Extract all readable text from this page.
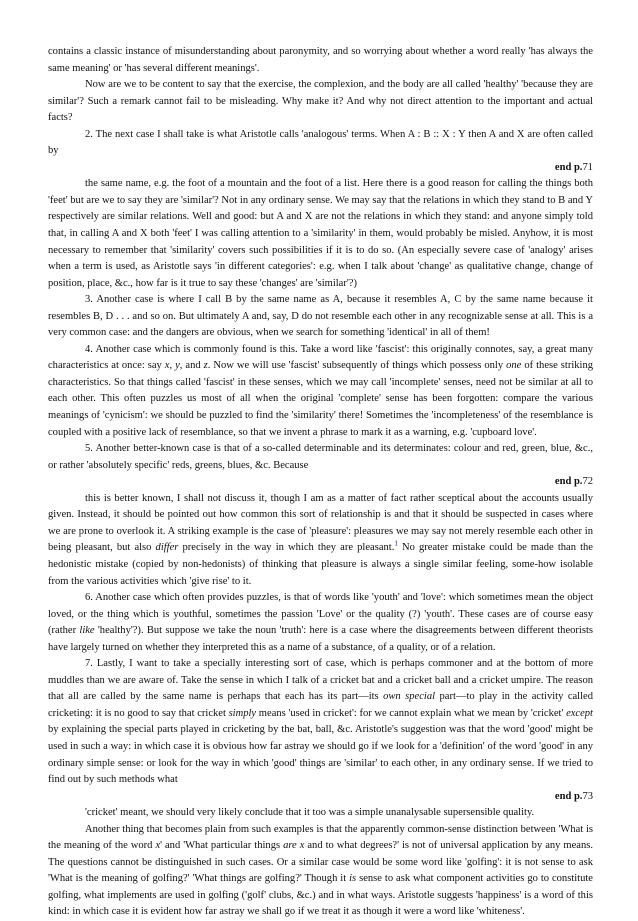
contains a classic instance of misunderstanding about paronymity, and so worrying about whether a word really 'has always the same meaning' or 'has several different meanings'.

Now are we to be content to say that the exercise, the complexion, and the body are all called 'healthy' 'because they are similar'? Such a remark cannot fail to be misleading. Why make it? And why not direct attention to the important and actual facts?

2. The next case I shall take is what Aristotle calls 'analogous' terms. When A : B :: X : Y then A and X are often called by

end p.71

the same name, e.g. the foot of a mountain and the foot of a list. Here there is a good reason for calling the things both 'feet' but are we to say they are 'similar'? Not in any ordinary sense. We may say that the relations in which they stand to B and Y respectively are similar relations. Well and good: but A and X are not the relations in which they stand: and anyone simply told that, in calling A and X both 'feet' I was calling attention to a 'similarity' in them, would probably be misled. Anyhow, it is most necessary to remember that 'similarity' covers such possibilities if it is to do so. (An especially severe case of 'analogy' arises when a term is used, as Aristotle says 'in different categories': e.g. when I talk about 'change' as qualitative change, change of position, place, &c., how far is it true to say these 'changes' are 'similar'?)

3. Another case is where I call B by the same name as A, because it resembles A, C by the same name because it resembles B, D . . . and so on. But ultimately A and, say, D do not resemble each other in any recognizable sense at all. This is a very common case: and the dangers are obvious, when we search for something 'identical' in all of them!

4. Another case which is commonly found is this. Take a word like 'fascist': this originally connotes, say, a great many characteristics at once: say x, y, and z. Now we will use 'fascist' subsequently of things which possess only one of these striking characteristics. So that things called 'fascist' in these senses, which we may call 'incomplete' senses, need not be similar at all to each other. This often puzzles us most of all when the original 'complete' sense has been forgotten: compare the various meanings of 'cynicism': we should be puzzled to find the 'similarity' there! Sometimes the 'incompleteness' of the resemblance is coupled with a positive lack of resemblance, so that we invent a phrase to mark it as a warning, e.g. 'cupboard love'.

5. Another better-known case is that of a so-called determinable and its determinates: colour and red, green, blue, &c., or rather 'absolutely specific' reds, greens, blues, &c. Because

end p.72

this is better known, I shall not discuss it, though I am as a matter of fact rather sceptical about the accounts usually given. Instead, it should be pointed out how common this sort of relationship is and that it should be suspected in cases where we are prone to overlook it. A striking example is the case of 'pleasure': pleasures we may say not merely resemble each other in being pleasant, but also differ precisely in the way in which they are pleasant.$^1$ No greater mistake could be made than the hedonistic mistake (copied by non-hedonists) of thinking that pleasure is always a single similar feeling, some-how isolable from the various activities which 'give rise' to it.

6. Another case which often provides puzzles, is that of words like 'youth' and 'love': which sometimes mean the object loved, or the thing which is youthful, sometimes the passion 'Love' or the quality (?) 'youth'. These cases are of course easy (rather like 'healthy'?). But suppose we take the noun 'truth': here is a case where the disagreements between different theorists have largely turned on whether they interpreted this as a name of a substance, of a quality, or of a relation.

7. Lastly, I want to take a specially interesting sort of case, which is perhaps commoner and at the bottom of more muddles than we are aware of. Take the sense in which I talk of a cricket bat and a cricket ball and a cricket umpire. The reason that all are called by the same name is perhaps that each has its part—its own special part—to play in the activity called cricketing: it is no good to say that cricket simply means 'used in cricket': for we cannot explain what we mean by 'cricket' except by explaining the special parts played in cricketing by the bat, ball, &c. Aristotle's suggestion was that the word 'good' might be used in such a way: in which case it is obvious how far astray we should go if we look for a 'definition' of the word 'good' in any ordinary simple sense: or look for the way in which 'good' things are 'similar' to each other, in any ordinary sense. If we tried to find out by such methods what

end p.73

'cricket' meant, we should very likely conclude that it too was a simple unanalysable supersensible quality.

Another thing that becomes plain from such examples is that the apparently common-sense distinction between 'What is the meaning of the word x' and 'What particular things are x and to what degrees?' is not of universal application by any means. The questions cannot be distinguished in such cases. Or a similar case would be some word like 'golfing': it is not sense to ask 'What is the meaning of golfing?' 'What things are golfing?' Though it is sense to ask what component activities go to constitute golfing, what implements are used in golfing ('golf' clubs, &c.) and in what ways. Aristotle suggests 'happiness' is a word of this kind: in which case it is evident how far astray we shall go if we treat it as though it were a word like 'whiteness'.
